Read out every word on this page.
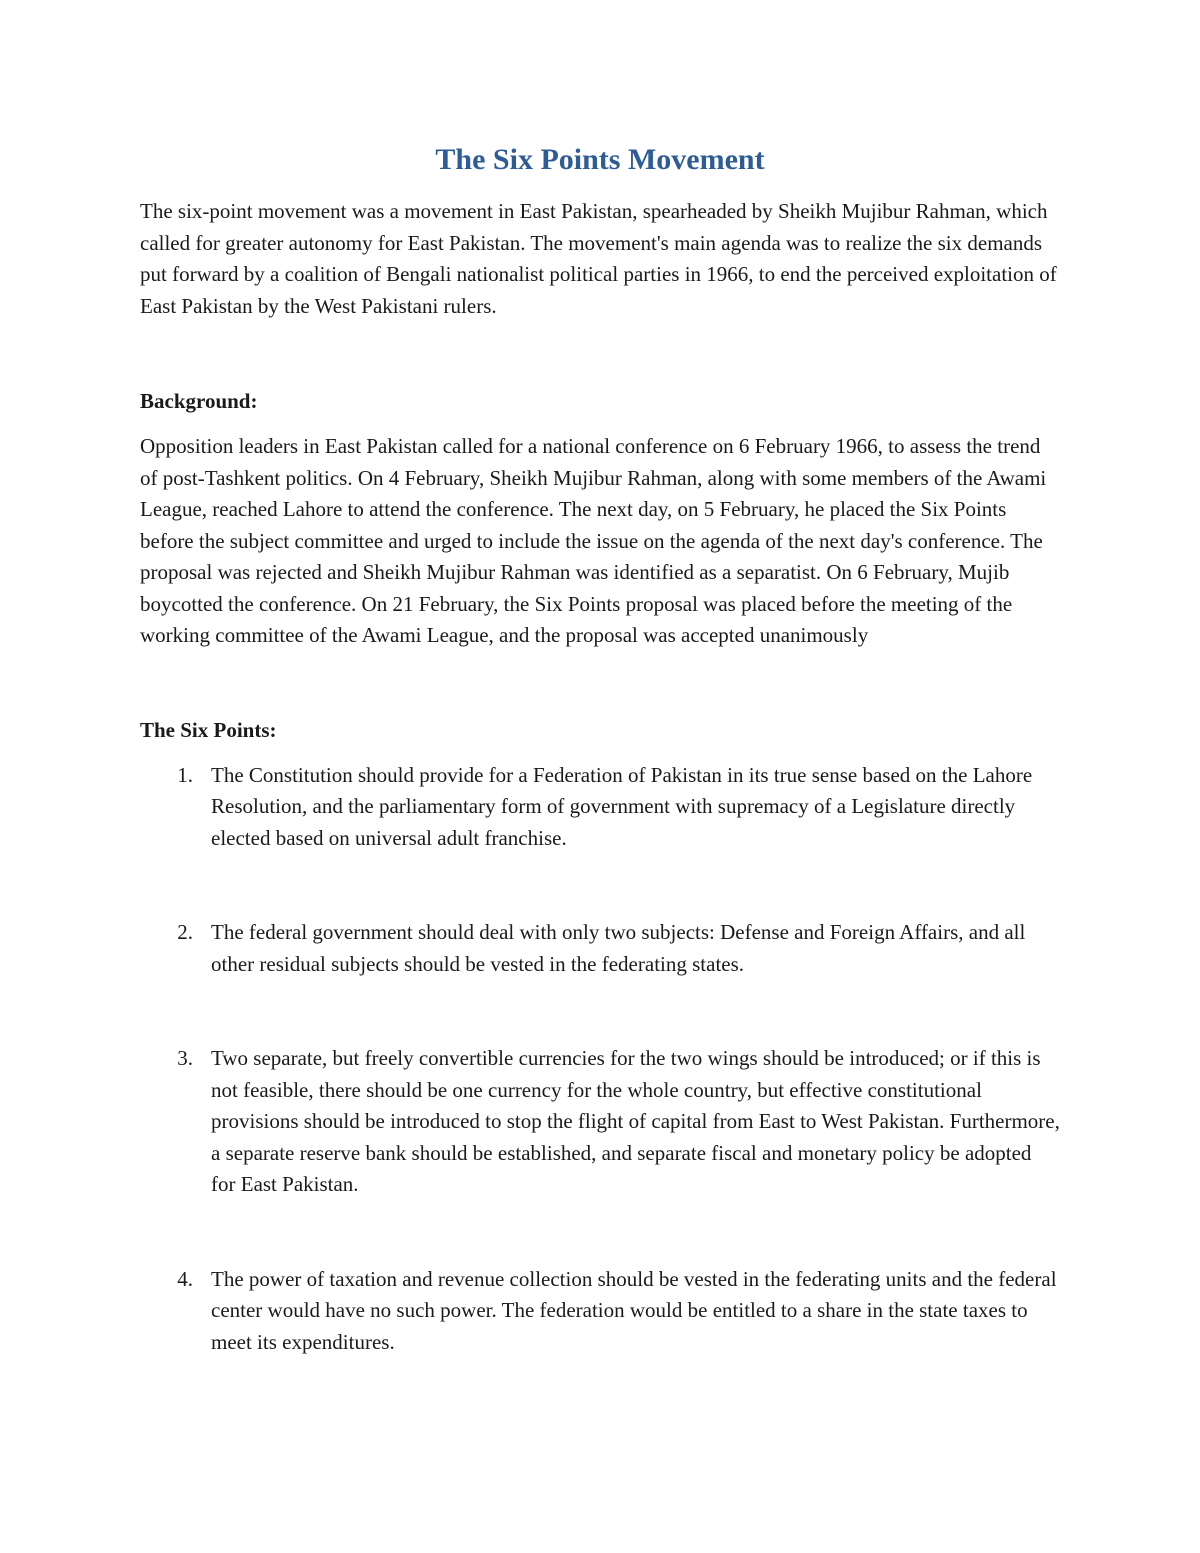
The Six Points Movement

The six-point movement was a movement in East Pakistan, spearheaded by Sheikh Mujibur Rahman, which called for greater autonomy for East Pakistan. The movement's main agenda was to realize the six demands put forward by a coalition of Bengali nationalist political parties in 1966, to end the perceived exploitation of East Pakistan by the West Pakistani rulers.

Background:

Opposition leaders in East Pakistan called for a national conference on 6 February 1966, to assess the trend of post-Tashkent politics. On 4 February, Sheikh Mujibur Rahman, along with some members of the Awami League, reached Lahore to attend the conference. The next day, on 5 February, he placed the Six Points before the subject committee and urged to include the issue on the agenda of the next day's conference. The proposal was rejected and Sheikh Mujibur Rahman was identified as a separatist. On 6 February, Mujib boycotted the conference. On 21 February, the Six Points proposal was placed before the meeting of the working committee of the Awami League, and the proposal was accepted unanimously

The Six Points:
1. The Constitution should provide for a Federation of Pakistan in its true sense based on the Lahore Resolution, and the parliamentary form of government with supremacy of a Legislature directly elected based on universal adult franchise.
2. The federal government should deal with only two subjects: Defense and Foreign Affairs, and all other residual subjects should be vested in the federating states.
3. Two separate, but freely convertible currencies for the two wings should be introduced; or if this is not feasible, there should be one currency for the whole country, but effective constitutional provisions should be introduced to stop the flight of capital from East to West Pakistan. Furthermore, a separate reserve bank should be established, and separate fiscal and monetary policy be adopted for East Pakistan.
4. The power of taxation and revenue collection should be vested in the federating units and the federal center would have no such power. The federation would be entitled to a share in the state taxes to meet its expenditures.
